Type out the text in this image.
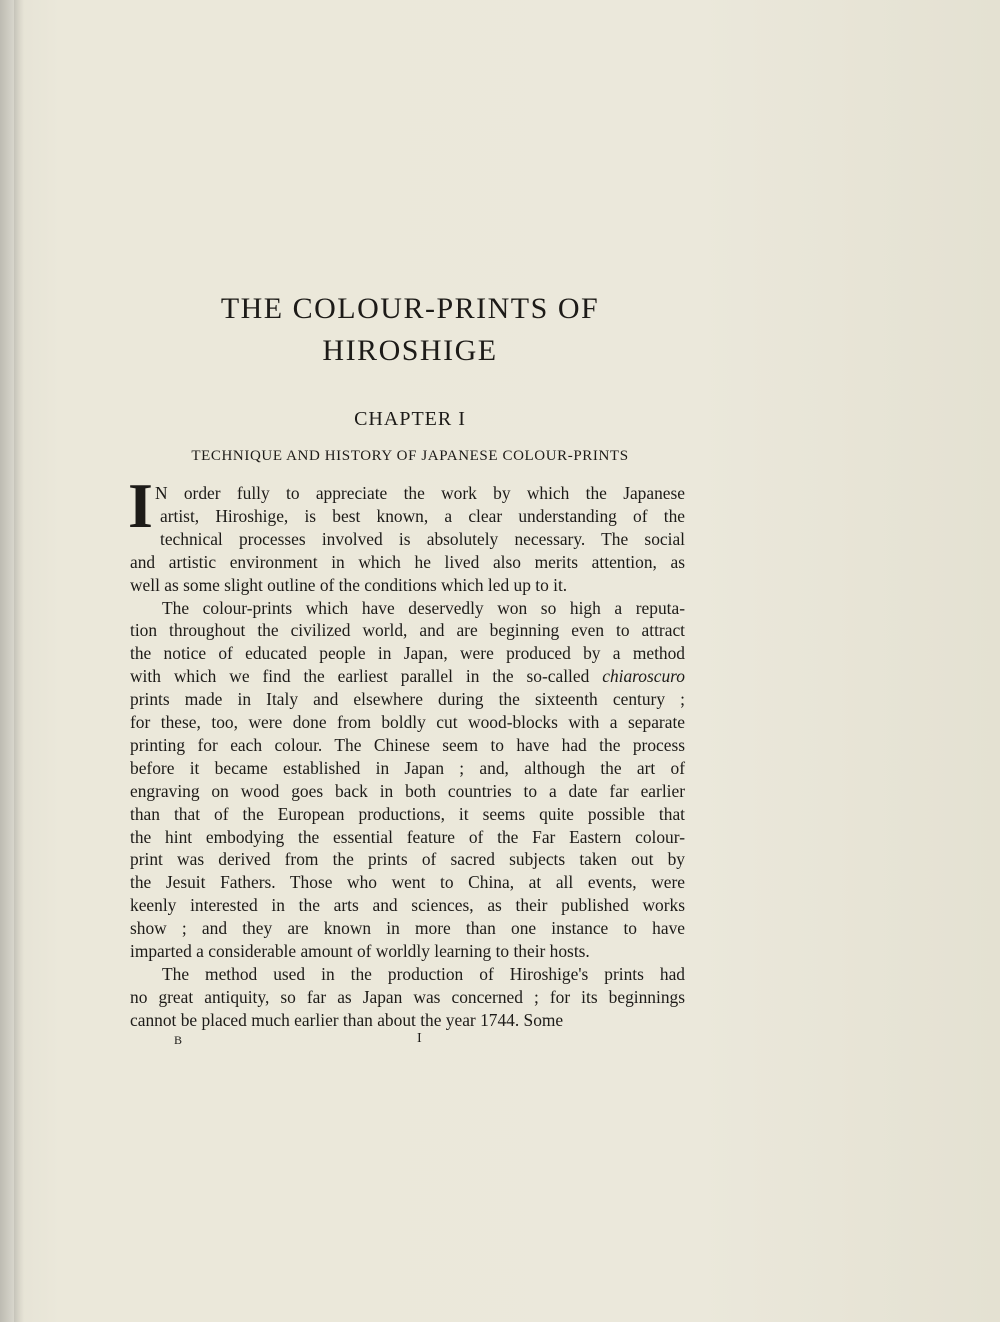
THE COLOUR-PRINTS OF
HIROSHIGE
CHAPTER I
TECHNIQUE AND HISTORY OF JAPANESE COLOUR-PRINTS
I N order fully to appreciate the work by which the Japanese
artist, Hiroshige, is best known, a clear understanding of the
technical processes involved is absolutely necessary. The social
and artistic environment in which he lived also merits attention, as
well as some slight outline of the conditions which led up to it.
The colour-prints which have deservedly won so high a reputa-
tion throughout the civilized world, and are beginning even to attract
the notice of educated people in Japan, were produced by a method
with which we find the earliest parallel in the so-called chiaroscuro
prints made in Italy and elsewhere during the sixteenth century ;
for these, too, were done from boldly cut wood-blocks with a separate
printing for each colour. The Chinese seem to have had the process
before it became established in Japan ; and, although the art of
engraving on wood goes back in both countries to a date far earlier
than that of the European productions, it seems quite possible that
the hint embodying the essential feature of the Far Eastern colour-
print was derived from the prints of sacred subjects taken out by
the Jesuit Fathers. Those who went to China, at all events, were
keenly interested in the arts and sciences, as their published works
show ; and they are known in more than one instance to have
imparted a considerable amount of worldly learning to their hosts.
The method used in the production of Hiroshige's prints had
no great antiquity, so far as Japan was concerned ; for its beginnings
cannot be placed much earlier than about the year 1744. Some
B	I
